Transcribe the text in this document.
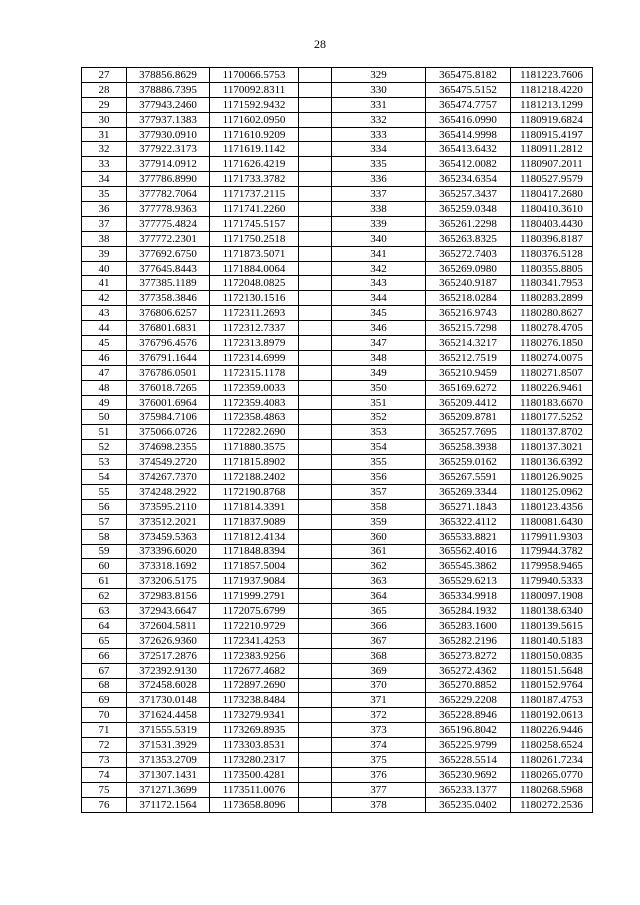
28
27	378856.8629	1170066.5753		329	365475.8182	1181223.7606
28	378886.7395	1170092.8311		330	365475.5152	1181218.4220
29	377943.2460	1171592.9432		331	365474.7757	1181213.1299
30	377937.1383	1171602.0950		332	365416.0990	1180919.6824
31	377930.0910	1171610.9209		333	365414.9998	1180915.4197
32	377922.3173	1171619.1142		334	365413.6432	1180911.2812
33	377914.0912	1171626.4219		335	365412.0082	1180907.2011
34	377786.8990	1171733.3782		336	365234.6354	1180527.9579
35	377782.7064	1171737.2115		337	365257.3437	1180417.2680
36	377778.9363	1171741.2260		338	365259.0348	1180410.3610
37	377775.4824	1171745.5157		339	365261.2298	1180403.4430
38	377772.2301	1171750.2518		340	365263.8325	1180396.8187
39	377692.6750	1171873.5071		341	365272.7403	1180376.5128
40	377645.8443	1171884.0064		342	365269.0980	1180355.8805
41	377385.1189	1172048.0825		343	365240.9187	1180341.7953
42	377358.3846	1172130.1516		344	365218.0284	1180283.2899
43	376806.6257	1172311.2693		345	365216.9743	1180280.8627
44	376801.6831	1172312.7337		346	365215.7298	1180278.4705
45	376796.4576	1172313.8979		347	365214.3217	1180276.1850
46	376791.1644	1172314.6999		348	365212.7519	1180274.0075
47	376786.0501	1172315.1178		349	365210.9459	1180271.8507
48	376018.7265	1172359.0033		350	365169.6272	1180226.9461
49	376001.6964	1172359.4083		351	365209.4412	1180183.6670
50	375984.7106	1172358.4863		352	365209.8781	1180177.5252
51	375066.0726	1172282.2690		353	365257.7695	1180137.8702
52	374698.2355	1171880.3575		354	365258.3938	1180137.3021
53	374549.2720	1171815.8902		355	365259.0162	1180136.6392
54	374267.7370	1172188.2402		356	365267.5591	1180126.9025
55	374248.2922	1172190.8768		357	365269.3344	1180125.0962
56	373595.2110	1171814.3391		358	365271.1843	1180123.4356
57	373512.2021	1171837.9089		359	365322.4112	1180081.6430
58	373459.5363	1171812.4134		360	365533.8821	1179911.9303
59	373396.6020	1171848.8394		361	365562.4016	1179944.3782
60	373318.1692	1171857.5004		362	365545.3862	1179958.9465
61	373206.5175	1171937.9084		363	365529.6213	1179940.5333
62	372983.8156	1171999.2791		364	365334.9918	1180097.1908
63	372943.6647	1172075.6799		365	365284.1932	1180138.6340
64	372604.5811	1172210.9729		366	365283.1600	1180139.5615
65	372626.9360	1172341.4253		367	365282.2196	1180140.5183
66	372517.2876	1172383.9256		368	365273.8272	1180150.0835
67	372392.9130	1172677.4682		369	365272.4362	1180151.5648
68	372458.6028	1172897.2690		370	365270.8852	1180152.9764
69	371730.0148	1173238.8484		371	365229.2208	1180187.4753
70	371624.4458	1173279.9341		372	365228.8946	1180192.0613
71	371555.5319	1173269.8935		373	365196.8042	1180226.9446
72	371531.3929	1173303.8531		374	365225.9799	1180258.6524
73	371353.2709	1173280.2317		375	365228.5514	1180261.7234
74	371307.1431	1173500.4281		376	365230.9692	1180265.0770
75	371271.3699	1173511.0076		377	365233.1377	1180268.5968
76	371172.1564	1173658.8096		378	365235.0402	1180272.2536
